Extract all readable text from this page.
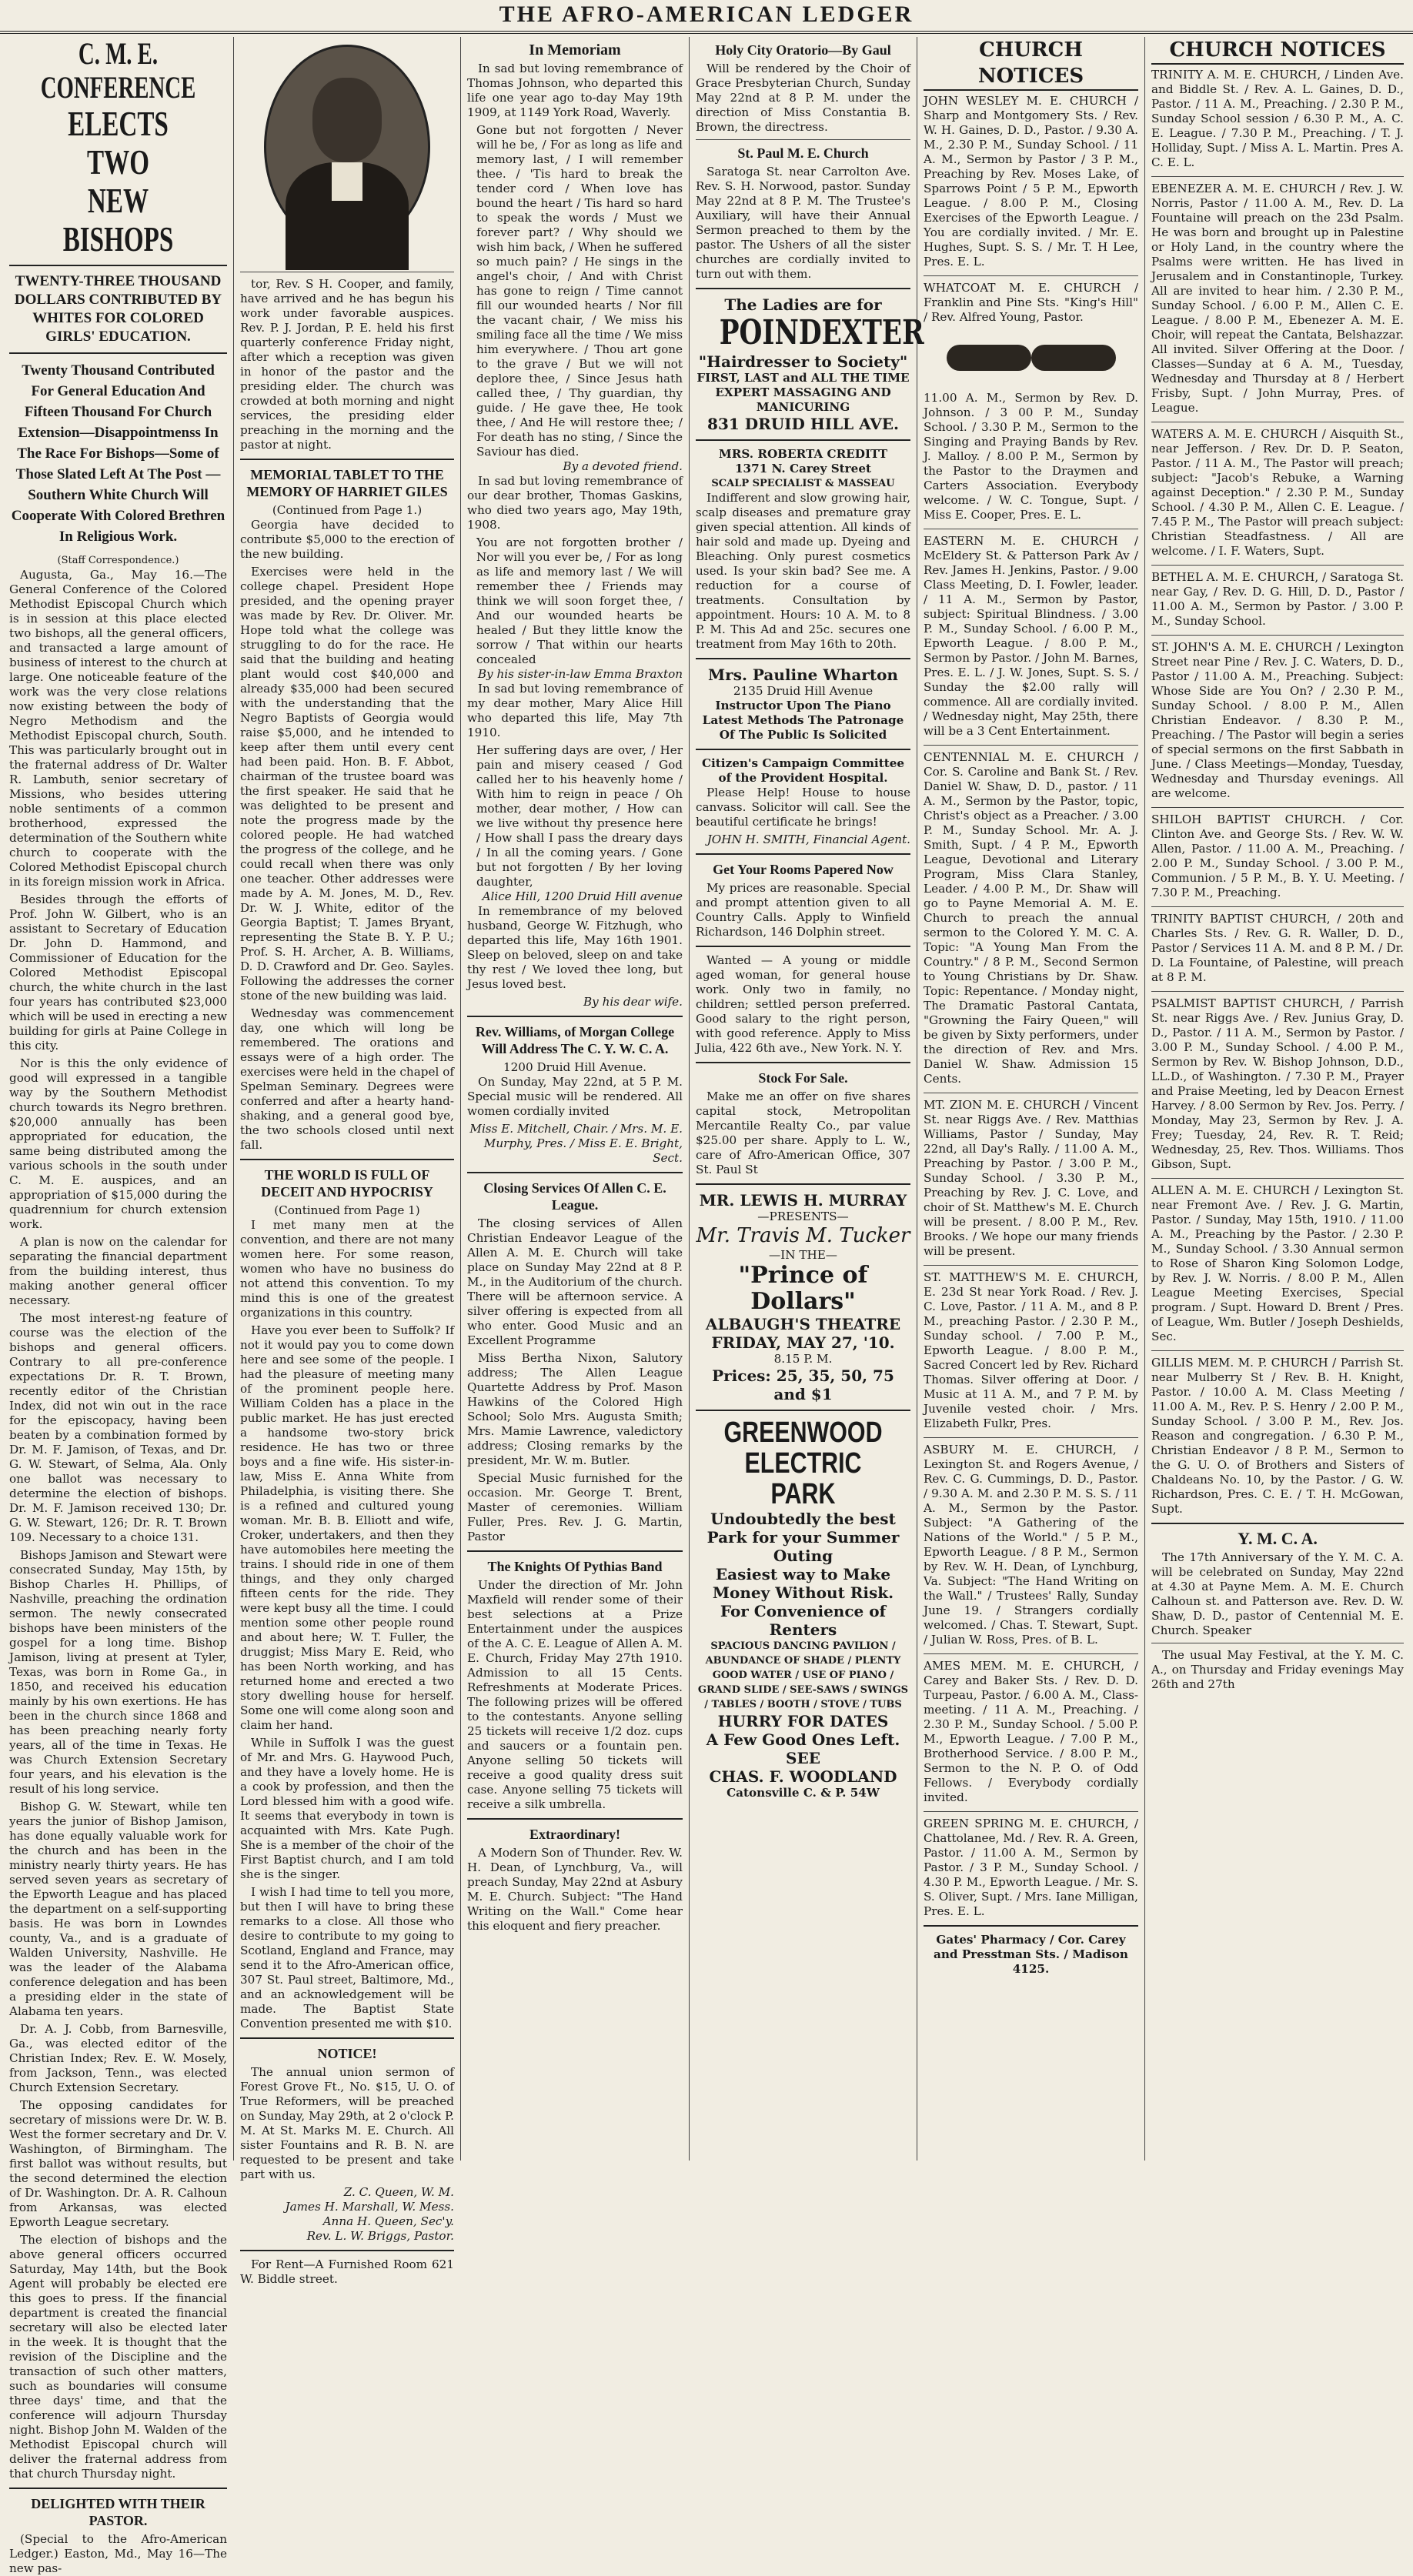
THE AFRO-AMERICAN LEDGER
C. M. E. CONFERENCE
ELECTS TWO
NEW BISHOPS
TWENTY-THREE THOUSAND DOLLARS CONTRIBUTED BY WHITES FOR COLORED GIRLS' EDUCATION.
Twenty Thousand Contributed For General Education And Fifteen Thousand For Church Extension—Disappointmenss In The Race For Bishops—Some of Those Slated Left At The Post —Southern White Church Will Cooperate With Colored Brethren In Religious Work.
(Staff Correspondence.)

Augusta, Ga., May 16.—The General Conference of the Colored Methodist Episcopal Church which is in session at this place elected two bishops, all the general officers, and transacted a large amount of business of interest to the church at large. One noticeable feature of the work was the very close relations now existing between the body of Negro Methodism and the Methodist Episcopal church, South. This was particularly brought out in the fraternal address of Dr. Walter R. Lambuth, senior secretary of Missions, who besides uttering noble sentiments of a common brotherhood, expressed the determination of the Southern white church to cooperate with the Colored Methodist Episcopal church in its foreign mission work in Africa.

Besides through the efforts of Prof. John W. Gilbert, who is an assistant to Secretary of Education Dr. John D. Hammond, and Commissioner of Education for the Colored Methodist Episcopal church, the white church in the last four years has contributed $23,000 which will be used in erecting a new building for girls at Paine College in this city.

Nor is this the only evidence of good will expressed in a tangible way by the Southern Methodist church towards its Negro brethren. $20,000 annually has been appropriated for education, the same being distributed among the various schools in the south under C. M. E. auspices, and an appropriation of $15,000 during the quadrennium for church extension work.

A plan is now on the calendar for separating the financial department from the building interest, thus making another general officer necessary.

The most interest-ng feature of course was the election of the bishops and general officers. Contrary to all pre-conference expectations Dr. R. T. Brown, recently editor of the Christian Index, did not win out in the race for the episcopacy, having been beaten by a combination formed by Dr. M. F. Jamison, of Texas, and Dr. G. W. Stewart, of Selma, Ala. Only one ballot was necessary to determine the election of bishops. Dr. M. F. Jamison received 130; Dr. G. W. Stewart, 126; Dr. R. T. Brown 109. Necessary to a choice 131.

Bishops Jamison and Stewart were consecrated Sunday, May 15th, by Bishop Charles H. Phillips, of Nashville, preaching the ordination sermon. The newly consecrated bishops have been ministers of the gospel for a long time. Bishop Jamison, living at present at Tyler, Texas, was born in Rome Ga., in 1850, and received his education mainly by his own exertions. He has been in the church since 1868 and has been preaching nearly forty years, all of the time in Texas. He was Church Extension Secretary four years, and his elevation is the result of his long service.

Bishop G. W. Stewart, while ten years the junior of Bishop Jamison, has done equally valuable work for the church and has been in the ministry nearly thirty years. He has served seven years as secretary of the Epworth League and has placed the department on a self-supporting basis. He was born in Lowndes county, Va., and is a graduate of Walden University, Nashville. He was the leader of the Alabama conference delegation and has been a presiding elder in the state of Alabama ten years.

Dr. A. J. Cobb, from Barnesville, Ga., was elected editor of the Christian Index; Rev. E. W. Mosely, from Jackson, Tenn., was elected Church Extension Secretary.

The opposing candidates for secretary of missions were Dr. W. B. West the former secretary and Dr. V. Washington, of Birmingham. The first ballot was without results, but the second determined the election of Dr. Washington. Dr. A. R. Calhoun from Arkansas, was elected Epworth League secretary.

The election of bishops and the above general officers occurred Saturday, May 14th, but the Book Agent will probably be elected ere this goes to press. If the financial department is created the financial secretary will also be elected later in the week. It is thought that the revision of the Discipline and the transaction of such other matters, such as boundaries will consume three days' time, and that the conference will adjourn Thursday night. Bishop John M. Walden of the Methodist Episcopal church will deliver the fraternal address from that church Thursday night.

DELIGHTED WITH THEIR PASTOR.

(Special to the Afro-American Ledger.) Easton, Md., May 16—The new pas-

tor, Rev. S H. Cooper, and family, have arrived and he has begun his work under favorable auspices. Rev. P. J. Jordan, P. E. held his first quarterly conference Friday night, after which a reception was given in honor of the pastor and the presiding elder. The church was crowded at both morning and night services, the presiding elder preaching in the morning and the pastor at night.

MEMORIAL TABLET TO THE MEMORY OF HARRIET GILES
(Continued from Page 1.)

Georgia have decided to contribute $5,000 to the erection of the new building.

Exercises were held in the college chapel. President Hope presided, and the opening prayer was made by Rev. Dr. Oliver. Mr. Hope told what the college was struggling to do for the race. He said that the building and heating plant would cost $40,000 and already $35,000 had been secured with the understanding that the Negro Baptists of Georgia would raise $5,000, and he intended to keep after them until every cent had been paid. Hon. B. F. Abbot, chairman of the trustee board was the first speaker. He said that he was delighted to be present and note the progress made by the colored people. He had watched the progress of the college, and he could recall when there was only one teacher. Other addresses were made by A. M. Jones, M. D., Rev. Dr. W. J. White, editor of the Georgia Baptist; T. James Bryant, representing the State B. Y. P. U.; Prof. S. H. Archer, A. B. Williams, D. D. Crawford and Dr. Geo. Sayles. Following the addresses the corner stone of the new building was laid.

Wednesday was commencement day, one which will long be remembered. The orations and essays were of a high order. The exercises were held in the chapel of Spelman Seminary. Degrees were conferred and after a hearty hand-shaking, and a general good bye, the two schools closed until next fall.

THE WORLD IS FULL OF DECEIT AND HYPOCRISY
(Continued from Page 1)

I met many men at the convention, and there are not many women here. For some reason, women who have no business do not attend this convention. To my mind this is one of the greatest organizations in this country.

Have you ever been to Suffolk? If not it would pay you to come down here and see some of the people. I had the pleasure of meeting many of the prominent people here. William Colden has a place in the public market. He has just erected a handsome two-story brick residence. He has two or three boys and a fine wife. His sister-in-law, Miss E. Anna White from Philadelphia, is visiting there. She is a refined and cultured young woman. Mr. B. B. Elliott and wife, Croker, undertakers, and then they have automobiles here meeting the trains. I should ride in one of them things, and they only charged fifteen cents for the ride. They were kept busy all the time. I could mention some other people round and about here; W. T. Fuller, the druggist; Miss Mary E. Reid, who has been North working, and has returned home and erected a two story dwelling house for herself. Some one will come along soon and claim her hand.

While in Suffolk I was the guest of Mr. and Mrs. G. Haywood Puch, and they have a lovely home. He is a cook by profession, and then the Lord blessed him with a good wife. It seems that everybody in town is acquainted with Mrs. Kate Pugh. She is a member of the choir of the First Baptist church, and I am told she is the singer.

I wish I had time to tell you more, but then I will have to bring these remarks to a close. All those who desire to contribute to my going to Scotland, England and France, may send it to the Afro-American office, 307 St. Paul street, Baltimore, Md., and an acknowledgement will be made. The Baptist State Convention presented me with $10.

NOTICE!

The annual union sermon of Forest Grove Ft., No. $15, U. O. of True Reformers, will be preached on Sunday, May 29th, at 2 o'clock P. M. At St. Marks M. E. Church. All sister Fountains and R. B. N. are requested to be present and take part with us.

Z. C. Queen, W. M.
James H. Marshall, W. Mess.
Anna H. Queen, Sec'y.
Rev. L. W. Briggs, Pastor.

For Rent—A Furnished Room 621 W. Biddle street.

In Memoriam

In sad but loving remembrance of Thomas Johnson, who departed this life one year ago to-day May 19th 1909, at 1149 York Road, Waverly.

Gone but not forgotten / Never will he be, / For as long as life and memory last, / I will remember thee. / 'Tis hard to break the tender cord / When love has bound the heart / Tis hard so hard to speak the words / Must we forever part? / Why should we wish him back, / When he suffered so much pain? / He sings in the angel's choir, / And with Christ has gone to reign / Time cannot fill our wounded hearts / Nor fill the vacant chair, / We miss his smiling face all the time / We miss him everywhere. / Thou art gone to the grave / But we will not deplore thee, / Since Jesus hath called thee, / Thy guardian, thy guide. / He gave thee, He took thee, / And He will restore thee; / For death has no sting, / Since the Saviour has died.

By a devoted friend.

In sad but loving remembrance of our dear brother, Thomas Gaskins, who died two years ago, May 19th, 1908.

You are not forgotten brother / Nor will you ever be, / For as long as life and memory last / We will remember thee / Friends may think we will soon forget thee, / And our wounded hearts be healed / But they little know the sorrow / That within our hearts concealed

By his sister-in-law Emma Braxton

In sad but loving remembrance of my dear mother, Mary Alice Hill who departed this life, May 7th 1910.

Her suffering days are over, / Her pain and misery ceased / God called her to his heavenly home / With him to reign in peace / Oh mother, dear mother, / How can we live without thy presence here / How shall I pass the dreary days / In all the coming years. / Gone but not forgotten / By her loving daughter,

Alice Hill, 1200 Druid Hill avenue

In remembrance of my beloved husband, George W. Fitzhugh, who departed this life, May 16th 1901. Sleep on beloved, sleep on and take thy rest / We loved thee long, but Jesus loved best.

By his dear wife.
Rev. Williams, of Morgan College Will Address The C. Y. W. C. A.
1200 Druid Hill Avenue.

On Sunday, May 22nd, at 5 P. M. Special music will be rendered. All women cordially invited

Miss E. Mitchell, Chair. / Mrs. M. E. Murphy, Pres. / Miss E. E. Bright, Sect.
Closing Services Of Allen C. E. League.

The closing services of Allen Christian Endeavor League of the Allen A. M. E. Church will take place on Sunday May 22nd at 8 P. M., in the Auditorium of the church. There will be afternoon service. A silver offering is expected from all who enter. Good Music and an Excellent Programme

Miss Bertha Nixon, Salutory address; The Allen League Quartette Address by Prof. Mason Hawkins of the Colored High School; Solo Mrs. Augusta Smith; Mrs. Mamie Lawrence, valedictory address; Closing remarks by the president, Mr. W. m. Butler.

Special Music furnished for the occasion. Mr. George T. Brent, Master of ceremonies. William Fuller, Pres. Rev. J. G. Martin, Pastor

The Knights Of Pythias Band

Under the direction of Mr. John Maxfield will render some of their best selections at a Prize Entertainment under the auspices of the A. C. E. League of Allen A. M. E. Church, Friday May 27th 1910. Admission to all 15 Cents. Refreshments at Moderate Prices. The following prizes will be offered to the contestants. Anyone selling 25 tickets will receive 1/2 doz. cups and saucers or a fountain pen. Anyone selling 50 tickets will receive a good quality dress suit case. Anyone selling 75 tickets will receive a silk umbrella.

Extraordinary!

A Modern Son of Thunder. Rev. W. H. Dean, of Lynchburg, Va., will preach Sunday, May 22nd at Asbury M. E. Church. Subject: "The Hand Writing on the Wall." Come hear this eloquent and fiery preacher.

Holy City Oratorio—By Gaul

Will be rendered by the Choir of Grace Presbyterian Church, Sunday May 22nd at 8 P. M. under the direction of Miss Constantia B. Brown, the directress.

St. Paul M. E. Church

Saratoga St. near Carrolton Ave. Rev. S. H. Norwood, pastor. Sunday May 22nd at 8 P. M. The Trustee's Auxiliary, will have their Annual Sermon preached to them by the pastor. The Ushers of all the sister churches are cordially invited to turn out with them.

The Ladies are for
POINDEXTER
"Hairdresser to Society"
FIRST, LAST and ALL THE TIME
EXPERT MASSAGING AND MANICURING
831 DRUID HILL AVE.
MRS. ROBERTA CREDITT
1371 N. Carey Street
SCALP SPECIALIST & MASSEAU

Indifferent and slow growing hair, scalp diseases and premature gray given special attention. All kinds of hair sold and made up. Dyeing and Bleaching. Only purest cosmetics used. Is your skin bad? See me. A reduction for a course of treatments. Consultation by appointment. Hours: 10 A. M. to 8 P. M. This Ad and 25c. secures one treatment from May 16th to 20th.

Mrs. Pauline Wharton
2135 Druid Hill Avenue
Instructor Upon The Piano Latest Methods The Patronage Of The Public Is Solicited
Citizen's Campaign Committee of the Provident Hospital.

Please Help! House to house canvass. Solicitor will call. See the beautiful certificate he brings!

JOHN H. SMITH, Financial Agent.
Get Your Rooms Papered Now

My prices are reasonable. Special and prompt attention given to all Country Calls. Apply to Winfield Richardson, 146 Dolphin street.

Wanted — A young or middle aged woman, for general house work. Only two in family, no children; settled person preferred. Good salary to the right person, with good reference. Apply to Miss Julia, 422 6th ave., New York. N. Y.

Stock For Sale.

Make me an offer on five shares capital stock, Metropolitan Mercantile Realty Co., par value $25.00 per share. Apply to L. W., care of Afro-American Office, 307 St. Paul St

MR. LEWIS H. MURRAY
—PRESENTS—
Mr. Travis M. Tucker
—IN THE—
"Prince of Dollars"
ALBAUGH'S THEATRE
FRIDAY, MAY 27, '10.
8.15 P. M.
Prices: 25, 35, 50, 75 and $1
GREENWOOD ELECTRIC PARK
Undoubtedly the best Park for your Summer Outing
Easiest way to Make Money Without Risk.
For Convenience of Renters
SPACIOUS DANCING PAVILION / ABUNDANCE OF SHADE / PLENTY GOOD WATER / USE OF PIANO / GRAND SLIDE / SEE-SAWS / SWINGS / TABLES / BOOTH / STOVE / TUBS
HURRY FOR DATES
A Few Good Ones Left.
SEE
CHAS. F. WOODLAND
Catonsville C. & P. 54W
CHURCH NOTICES

JOHN WESLEY M. E. CHURCH / Sharp and Montgomery Sts. / Rev. W. H. Gaines, D. D., Pastor. / 9.30 A. M., 2.30 P. M., Sunday School. / 11 A. M., Sermon by Pastor / 3 P. M., Preaching by Rev. Moses Lake, of Sparrows Point / 5 P. M., Epworth League. / 8.00 P. M., Closing Exercises of the Epworth League. / You are cordially invited. / Mr. E. Hughes, Supt. S. S. / Mr. T. H Lee, Pres. E. L.

WHATCOAT M. E. CHURCH / Franklin and Pine Sts. "King's Hill" / Rev. Alfred Young, Pastor.

11.00 A. M., Sermon by Rev. D. Johnson. / 3 00 P. M., Sunday School. / 3.30 P. M., Sermon to the Singing and Praying Bands by Rev. J. Malloy. / 8.00 P. M., Sermon by the Pastor to the Draymen and Carters Association. Everybody welcome. / W. C. Tongue, Supt. / Miss E. Cooper, Pres. E. L.

EASTERN M. E. CHURCH / McEldery St. & Patterson Park Av / Rev. James H. Jenkins, Pastor. / 9.00 Class Meeting, D. I. Fowler, leader. / 11 A. M., Sermon by Pastor, subject: Spiritual Blindness. / 3.00 P. M., Sunday School. / 6.00 P. M., Epworth League. / 8.00 P. M., Sermon by Pastor. / John M. Barnes, Pres. E. L. / J. W. Jones, Supt. S. S. / Sunday the $2.00 rally will commence. All are cordially invited. / Wednesday night, May 25th, there will be a 3 Cent Entertainment.

CENTENNIAL M. E. CHURCH / Cor. S. Caroline and Bank St. / Rev. Daniel W. Shaw, D. D., pastor. / 11 A. M., Sermon by the Pastor, topic, Christ's object as a Preacher. / 3.00 P. M., Sunday School. Mr. A. J. Smith, Supt. / 4 P. M., Epworth League, Devotional and Literary Program, Miss Clara Stanley, Leader. / 4.00 P. M., Dr. Shaw will go to Payne Memorial A. M. E. Church to preach the annual sermon to the Colored Y. M. C. A. Topic: "A Young Man From the Country." / 8 P. M., Second Sermon to Young Christians by Dr. Shaw. Topic: Repentance. / Monday night, The Dramatic Pastoral Cantata, "Growning the Fairy Queen," will be given by Sixty performers, under the direction of Rev. and Mrs. Daniel W. Shaw. Admission 15 Cents.

MT. ZION M. E. CHURCH / Vincent St. near Riggs Ave. / Rev. Matthias Williams, Pastor / Sunday, May 22nd, all Day's Rally. / 11.00 A. M., Preaching by Pastor. / 3.00 P. M., Sunday School. / 3.30 P. M., Preaching by Rev. J. C. Love, and choir of St. Matthew's M. E. Church will be present. / 8.00 P. M., Rev. Brooks. / We hope our many friends will be present.

ST. MATTHEW'S M. E. CHURCH, E. 23d St near York Road. / Rev. J. C. Love, Pastor. / 11 A. M., and 8 P. M., preaching Pastor. / 2.30 P. M., Sunday school. / 7.00 P. M., Epworth League. / 8.00 P. M., Sacred Concert led by Rev. Richard Thomas. Silver offering at Door. / Music at 11 A. M., and 7 P. M. by Juvenile vested choir. / Mrs. Elizabeth Fulkr, Pres.

ASBURY M. E. CHURCH, / Lexington St. and Rogers Avenue, / Rev. C. G. Cummings, D. D., Pastor. / 9.30 A. M. and 2.30 P. M. S. S. / 11 A. M., Sermon by the Pastor. Subject: "A Gathering of the Nations of the World." / 5 P. M., Epworth League. / 8 P. M., Sermon by Rev. W. H. Dean, of Lynchburg, Va. Subject: "The Hand Writing on the Wall." / Trustees' Rally, Sunday June 19. / Strangers cordially welcomed. / Chas. T. Stewart, Supt. / Julian W. Ross, Pres. of B. L.

AMES MEM. M. E. CHURCH, / Carey and Baker Sts. / Rev. D. D. Turpeau, Pastor. / 6.00 A. M., Class-meeting. / 11 A. M., Preaching. / 2.30 P. M., Sunday School. / 5.00 P. M., Epworth League. / 7.00 P. M., Brotherhood Service. / 8.00 P. M., Sermon to the N. P. O. of Odd Fellows. / Everybody cordially invited.

GREEN SPRING M. E. CHURCH, / Chattolanee, Md. / Rev. R. A. Green, Pastor. / 11.00 A. M., Sermon by Pastor. / 3 P. M., Sunday School. / 4.30 P. M., Epworth League. / Mr. S. S. Oliver, Supt. / Mrs. Iane Milligan, Pres. E. L.

Gates' Pharmacy / Cor. Carey and Presstman Sts. / Madison 4125.
CHURCH NOTICES

TRINITY A. M. E. CHURCH, / Linden Ave. and Biddle St. / Rev. A. L. Gaines, D. D., Pastor. / 11 A. M., Preaching. / 2.30 P. M., Sunday School session / 6.30 P. M., A. C. E. League. / 7.30 P. M., Preaching. / T. J. Holliday, Supt. / Miss A. L. Martin. Pres A. C. E. L.

EBENEZER A. M. E. CHURCH / Rev. J. W. Norris, Pastor / 11.00 A. M., Rev. D. La Fountaine will preach on the 23d Psalm. He was born and brought up in Palestine or Holy Land, in the country where the Psalms were written. He has lived in Jerusalem and in Constantinople, Turkey. All are invited to hear him. / 2.30 P. M., Sunday School. / 6.00 P. M., Allen C. E. League. / 8.00 P. M., Ebenezer A. M. E. Choir, will repeat the Cantata, Belshazzar. All invited. Silver Offering at the Door. / Classes—Sunday at 6 A. M., Tuesday, Wednesday and Thursday at 8 / Herbert Frisby, Supt. / John Murray, Pres. of League.

WATERS A. M. E. CHURCH / Aisquith St., near Jefferson. / Rev. Dr. D. P. Seaton, Pastor. / 11 A. M., The Pastor will preach; subject: "Jacob's Rebuke, a Warning against Deception." / 2.30 P. M., Sunday School. / 4.30 P. M., Allen C. E. League. / 7.45 P. M., The Pastor will preach subject: Christian Steadfastness. / All are welcome. / I. F. Waters, Supt.

BETHEL A. M. E. CHURCH, / Saratoga St. near Gay, / Rev. D. G. Hill, D. D., Pastor / 11.00 A. M., Sermon by Pastor. / 3.00 P. M., Sunday School.

ST. JOHN'S A. M. E. CHURCH / Lexington Street near Pine / Rev. J. C. Waters, D. D., Pastor / 11.00 A. M., Preaching. Subject: Whose Side are You On? / 2.30 P. M., Sunday School. / 8.00 P. M., Allen Christian Endeavor. / 8.30 P. M., Preaching. / The Pastor will begin a series of special sermons on the first Sabbath in June. / Class Meetings—Monday, Tuesday, Wednesday and Thursday evenings. All are welcome.

SHILOH BAPTIST CHURCH. / Cor. Clinton Ave. and George Sts. / Rev. W. W. Allen, Pastor. / 11.00 A. M., Preaching. / 2.00 P. M., Sunday School. / 3.00 P. M., Communion. / 5 P. M., B. Y. U. Meeting. / 7.30 P. M., Preaching.

TRINITY BAPTIST CHURCH, / 20th and Charles Sts. / Rev. G. R. Waller, D. D., Pastor / Services 11 A. M. and 8 P. M. / Dr. D. La Fountaine, of Palestine, will preach at 8 P. M.

PSALMIST BAPTIST CHURCH, / Parrish St. near Riggs Ave. / Rev. Junius Gray, D. D., Pastor. / 11 A. M., Sermon by Pastor. / 3.00 P. M., Sunday School. / 4.00 P. M., Sermon by Rev. W. Bishop Johnson, D.D., LL.D., of Washington. / 7.30 P. M., Prayer and Praise Meeting, led by Deacon Ernest Harvey. / 8.00 Sermon by Rev. Jos. Perry. / Monday, May 23, Sermon by Rev. J. A. Frey; Tuesday, 24, Rev. R. T. Reid; Wednesday, 25, Rev. Thos. Williams. Thos Gibson, Supt.

ALLEN A. M. E. CHURCH / Lexington St. near Fremont Ave. / Rev. J. G. Martin, Pastor. / Sunday, May 15th, 1910. / 11.00 A. M., Preaching by the Pastor. / 2.30 P. M., Sunday School. / 3.30 Annual sermon to Rose of Sharon King Solomon Lodge, by Rev. J. W. Norris. / 8.00 P. M., Allen League Meeting Exercises, Special program. / Supt. Howard D. Brent / Pres. of League, Wm. Butler / Joseph Deshields, Sec.

GILLIS MEM. M. P. CHURCH / Parrish St. near Mulberry St / Rev. B. H. Knight, Pastor. / 10.00 A. M. Class Meeting / 11.00 A. M., Rev. P. S. Henry / 2.00 P. M., Sunday School. / 3.00 P. M., Rev. Jos. Reason and congregation. / 6.30 P. M., Christian Endeavor / 8 P. M., Sermon to the G. U. O. of Brothers and Sisters of Chaldeans No. 10, by the Pastor. / G. W. Richardson, Pres. C. E. / T. H. McGowan, Supt.

Y. M. C. A.

The 17th Anniversary of the Y. M. C. A. will be celebrated on Sunday, May 22nd at 4.30 at Payne Mem. A. M. E. Church Calhoun st. and Patterson ave. Rev. D. W. Shaw, D. D., pastor of Centennial M. E. Church. Speaker

The usual May Festival, at the Y. M. C. A., on Thursday and Friday evenings May 26th and 27th
